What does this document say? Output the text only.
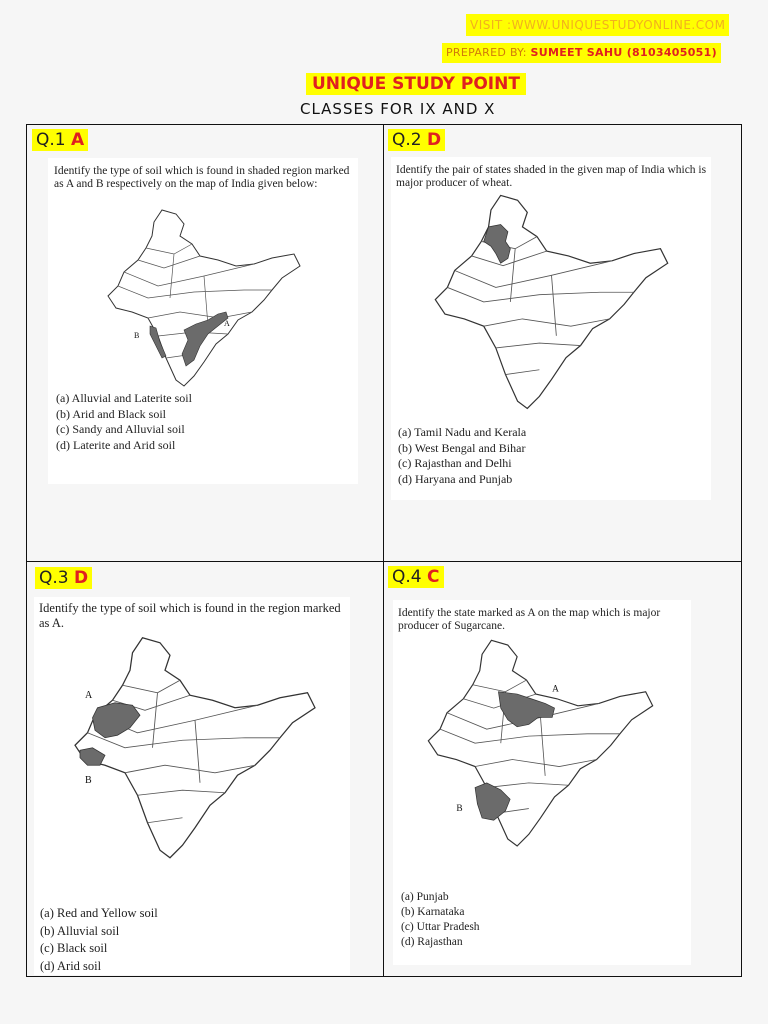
VISIT :WWW.UNIQUESTUDYONLINE.COM
PREPARED BY: SUMEET SAHU (8103405051)
UNIQUE STUDY POINT
CLASSES FOR IX AND X
Q.1 A
Identify the type of soil which is found in shaded region marked as A and B respectively on the map of India given below:
A
B
(a) Alluvial and Laterite soil
(b) Arid and Black soil
(c) Sandy and Alluvial soil
(d) Laterite and Arid soil
Q.2 D
Identify the pair of states shaded in the given map of India which is major producer of wheat.
(a) Tamil Nadu and Kerala
(b) West Bengal and Bihar
(c) Rajasthan and Delhi
(d) Haryana and Punjab
Q.3 D
Identify the type of soil which is found in the region marked as A.
A
B
(a) Red and Yellow soil
(b) Alluvial soil
(c) Black soil
(d) Arid soil
Q.4 C
Identify the state marked as A on the map which is major producer of Sugarcane.
A
B
(a) Punjab
(b) Karnataka
(c) Uttar Pradesh
(d) Rajasthan
